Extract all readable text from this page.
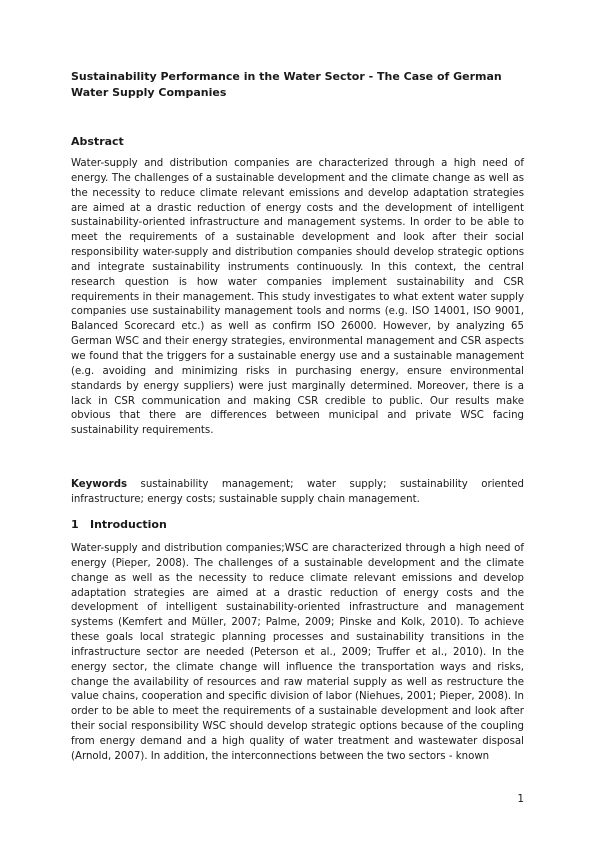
Sustainability Performance in the Water Sector - The Case of German Water Supply Companies

Abstract

Water-supply and distribution companies are characterized through a high need of energy. The challenges of a sustainable development and the climate change as well as the necessity to reduce climate relevant emissions and develop adaptation strategies are aimed at a drastic reduction of energy costs and the development of intelligent sustainability-oriented infrastructure and management systems. In order to be able to meet the requirements of a sustainable development and look after their social responsibility water-supply and distribution companies should develop strategic options and integrate sustainability instruments continuously. In this context, the central research question is how water companies implement sustainability and CSR requirements in their management. This study investigates to what extent water supply companies use sustainability management tools and norms (e.g. ISO 14001, ISO 9001, Balanced Scorecard etc.) as well as confirm ISO 26000. However, by analyzing 65 German WSC and their energy strategies, environmental management and CSR aspects we found that the triggers for a sustainable energy use and a sustainable management (e.g. avoiding and minimizing risks in purchasing energy, ensure environmental standards by energy suppliers) were just marginally determined. Moreover, there is a lack in CSR communication and making CSR credible to public. Our results make obvious that there are differences between municipal and private WSC facing sustainability requirements.

Keywords sustainability management; water supply; sustainability oriented infrastructure; energy costs; sustainable supply chain management.

1 Introduction

Water-supply and distribution companies;WSC are characterized through a high need of energy (Pieper, 2008). The challenges of a sustainable development and the climate change as well as the necessity to reduce climate relevant emissions and develop adaptation strategies are aimed at a drastic reduction of energy costs and the development of intelligent sustainability-oriented infrastructure and management systems (Kemfert and Müller, 2007; Palme, 2009; Pinske and Kolk, 2010). To achieve these goals local strategic planning processes and sustainability transitions in the infrastructure sector are needed (Peterson et al., 2009; Truffer et al., 2010). In the energy sector, the climate change will influence the transportation ways and risks, change the availability of resources and raw material supply as well as restructure the value chains, cooperation and specific division of labor (Niehues, 2001; Pieper, 2008). In order to be able to meet the requirements of a sustainable development and look after their social responsibility WSC should develop strategic options because of the coupling from energy demand and a high quality of water treatment and wastewater disposal (Arnold, 2007). In addition, the interconnections between the two sectors - known

1
